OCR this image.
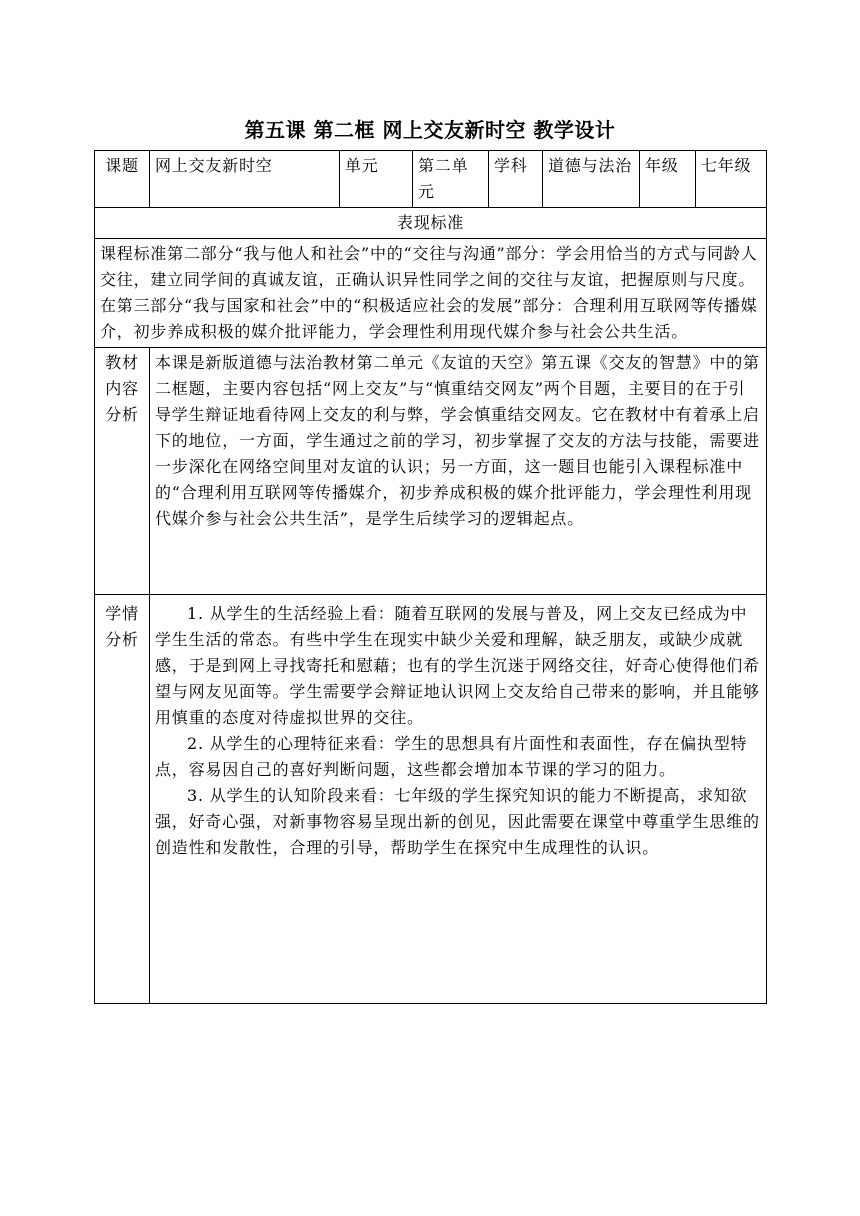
第五课 第二框 网上交友新时空 教学设计
课题	网上交友新时空	单元	第二单元	学科	道德与法治	年级	七年级
表现标准							

课程标准第二部分“我与他人和社会”中的“交往与沟通”部分：学会用恰当的方式与同龄人交往，建立同学间的真诚友谊，正确认识异性同学之间的交往与友谊，把握原则与尺度。在第三部分“我与国家和社会”中的“积极适应社会的发展”部分：合理利用互联网等传播媒介，初步养成积极的媒介批评能力，学会理性利用现代媒介参与社会公共生活。							

教材内容分析	本课是新版道德与法治教材第二单元《友谊的天空》第五课《交友的智慧》中的第二框题，主要内容包括“网上交友”与“慎重结交网友”两个目题，主要目的在于引导学生辩证地看待网上交友的利与弊，学会慎重结交网友。它在教材中有着承上启下的地位，一方面，学生通过之前的学习，初步掌握了交友的方法与技能，需要进一步深化在网络空间里对友谊的认识；另一方面，这一题目也能引入课程标准中的“合理利用互联网等传播媒介，初步养成积极的媒介批评能力，学会理性利用现代媒介参与社会公共生活”，是学生后续学习的逻辑起点。						

学情分析	1. 从学生的生活经验上看：随着互联网的发展与普及，网上交友已经成为中学生生活的常态。有些中学生在现实中缺少关爱和理解，缺乏朋友，或缺少成就感，于是到网上寻找寄托和慰藉；也有的学生沉迷于网络交往，好奇心使得他们希望与网友见面等。学生需要学会辩证地认识网上交友给自己带来的影响，并且能够用慎重的态度对待虚拟世界的交往。

2. 从学生的心理特征来看：学生的思想具有片面性和表面性，存在偏执型特点，容易因自己的喜好判断问题，这些都会增加本节课的学习的阻力。

3. 从学生的认知阶段来看：七年级的学生探究知识的能力不断提高，求知欲强，好奇心强，对新事物容易呈现出新的创见，因此需要在课堂中尊重学生思维的创造性和发散性，合理的引导，帮助学生在探究中生成理性的认识。						
